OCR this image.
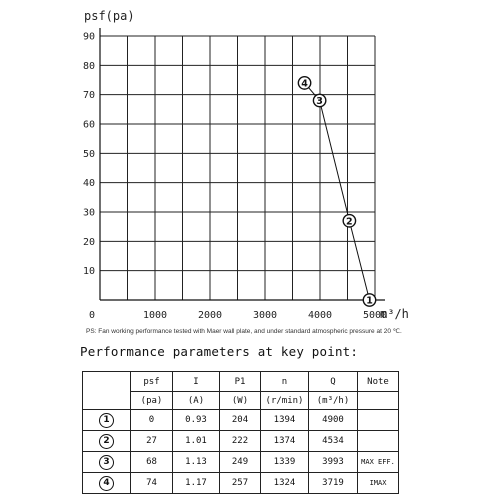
10
20
30
40
50
60
70
80
90
0	1000	2000	3000	4000	5000
4
3
2
1
psf(pa)
m³/h
PS: Fan working performance tested with Maer wall plate, and under standard atmospheric pressure at 20 ℃.
Performance parameters at key point:
	psf	I	P1	n	Q	Note
	(pa)	(A)	(W)	(r/min)	(m³/h)	
1	0	0.93	204	1394	4900	
2	27	1.01	222	1374	4534	
3	68	1.13	249	1339	3993	MAX EFF.
4	74	1.17	257	1324	3719	IMAX
